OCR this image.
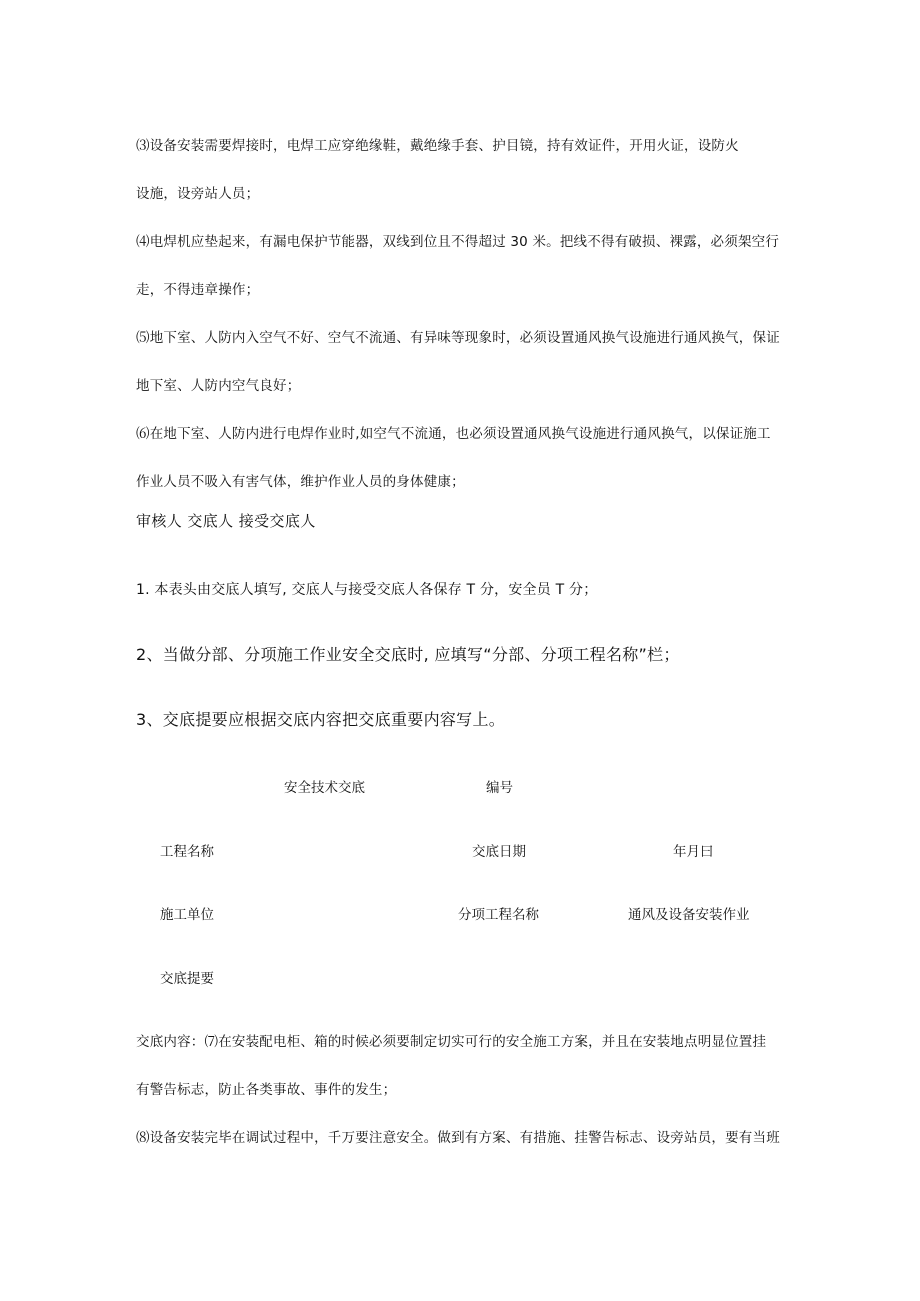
⑶设备安装需要焊接时，电焊工应穿绝缘鞋，戴绝缘手套、护目镜，持有效证件，开用火证，设防火
设施，设旁站人员；
⑷电焊机应垫起来，有漏电保护节能器，双线到位且不得超过 30 米。把线不得有破损、裸露，必须架空行
走，不得违章操作；
⑸地下室、人防内入空气不好、空气不流通、有异味等现象时，必须设置通风换气设施进行通风换气，保证
地下室、人防内空气良好；
⑹在地下室、人防内进行电焊作业时,如空气不流通，也必须设置通风换气设施进行通风换气，以保证施工
作业人员不吸入有害气体，维护作业人员的身体健康；
审核人 交底人 接受交底人
1. 本表头由交底人填写, 交底人与接受交底人各保存 T 分，安全员 T 分；
2、当做分部、分项施工作业安全交底时, 应填写“分部、分项工程名称”栏；
3、交底提要应根据交底内容把交底重要内容写上。
安全技术交底	编号
工程名称	交底日期	年月曰
施工单位	分项工程名称	通风及设备安装作业
交底提要
交底内容：⑺在安装配电柜、箱的时候必须要制定切实可行的安全施工方案，并且在安装地点明显位置挂
有警告标志，防止各类事故、事件的发生；
⑻设备安装完毕在调试过程中，千万要注意安全。做到有方案、有措施、挂警告标志、设旁站员，要有当班
